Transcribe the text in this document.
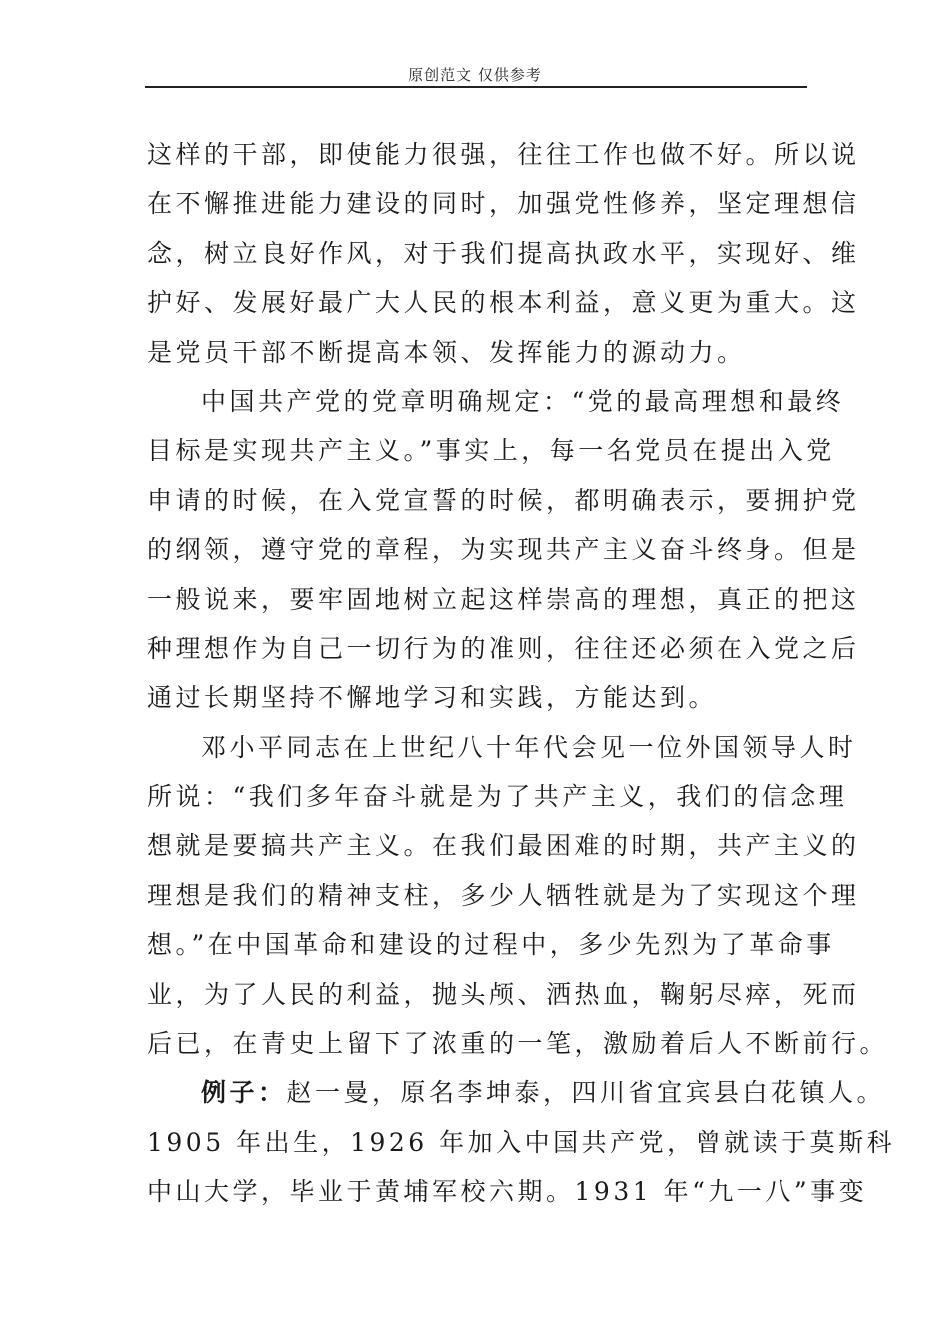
原创范文 仅供参考
这样的干部，即使能力很强，往往工作也做不好。所以说
在不懈推进能力建设的同时，加强党性修养，坚定理想信
念，树立良好作风，对于我们提高执政水平，实现好、维
护好、发展好最广大人民的根本利益，意义更为重大。这
是党员干部不断提高本领、发挥能力的源动力。
中国共产党的党章明确规定：“党的最高理想和最终
目标是实现共产主义。”事实上，每一名党员在提出入党
申请的时候，在入党宣誓的时候，都明确表示，要拥护党
的纲领，遵守党的章程，为实现共产主义奋斗终身。但是
一般说来，要牢固地树立起这样崇高的理想，真正的把这
种理想作为自己一切行为的准则，往往还必须在入党之后
通过长期坚持不懈地学习和实践，方能达到。
邓小平同志在上世纪八十年代会见一位外国领导人时
所说：“我们多年奋斗就是为了共产主义，我们的信念理
想就是要搞共产主义。在我们最困难的时期，共产主义的
理想是我们的精神支柱，多少人牺牲就是为了实现这个理
想。”在中国革命和建设的过程中，多少先烈为了革命事
业，为了人民的利益，抛头颅、洒热血，鞠躬尽瘁，死而
后已，在青史上留下了浓重的一笔，激励着后人不断前行。
例子：赵一曼，原名李坤泰，四川省宜宾县白花镇人。
1905 年出生，1926 年加入中国共产党，曾就读于莫斯科
中山大学，毕业于黄埔军校六期。1931 年“九一八”事变
